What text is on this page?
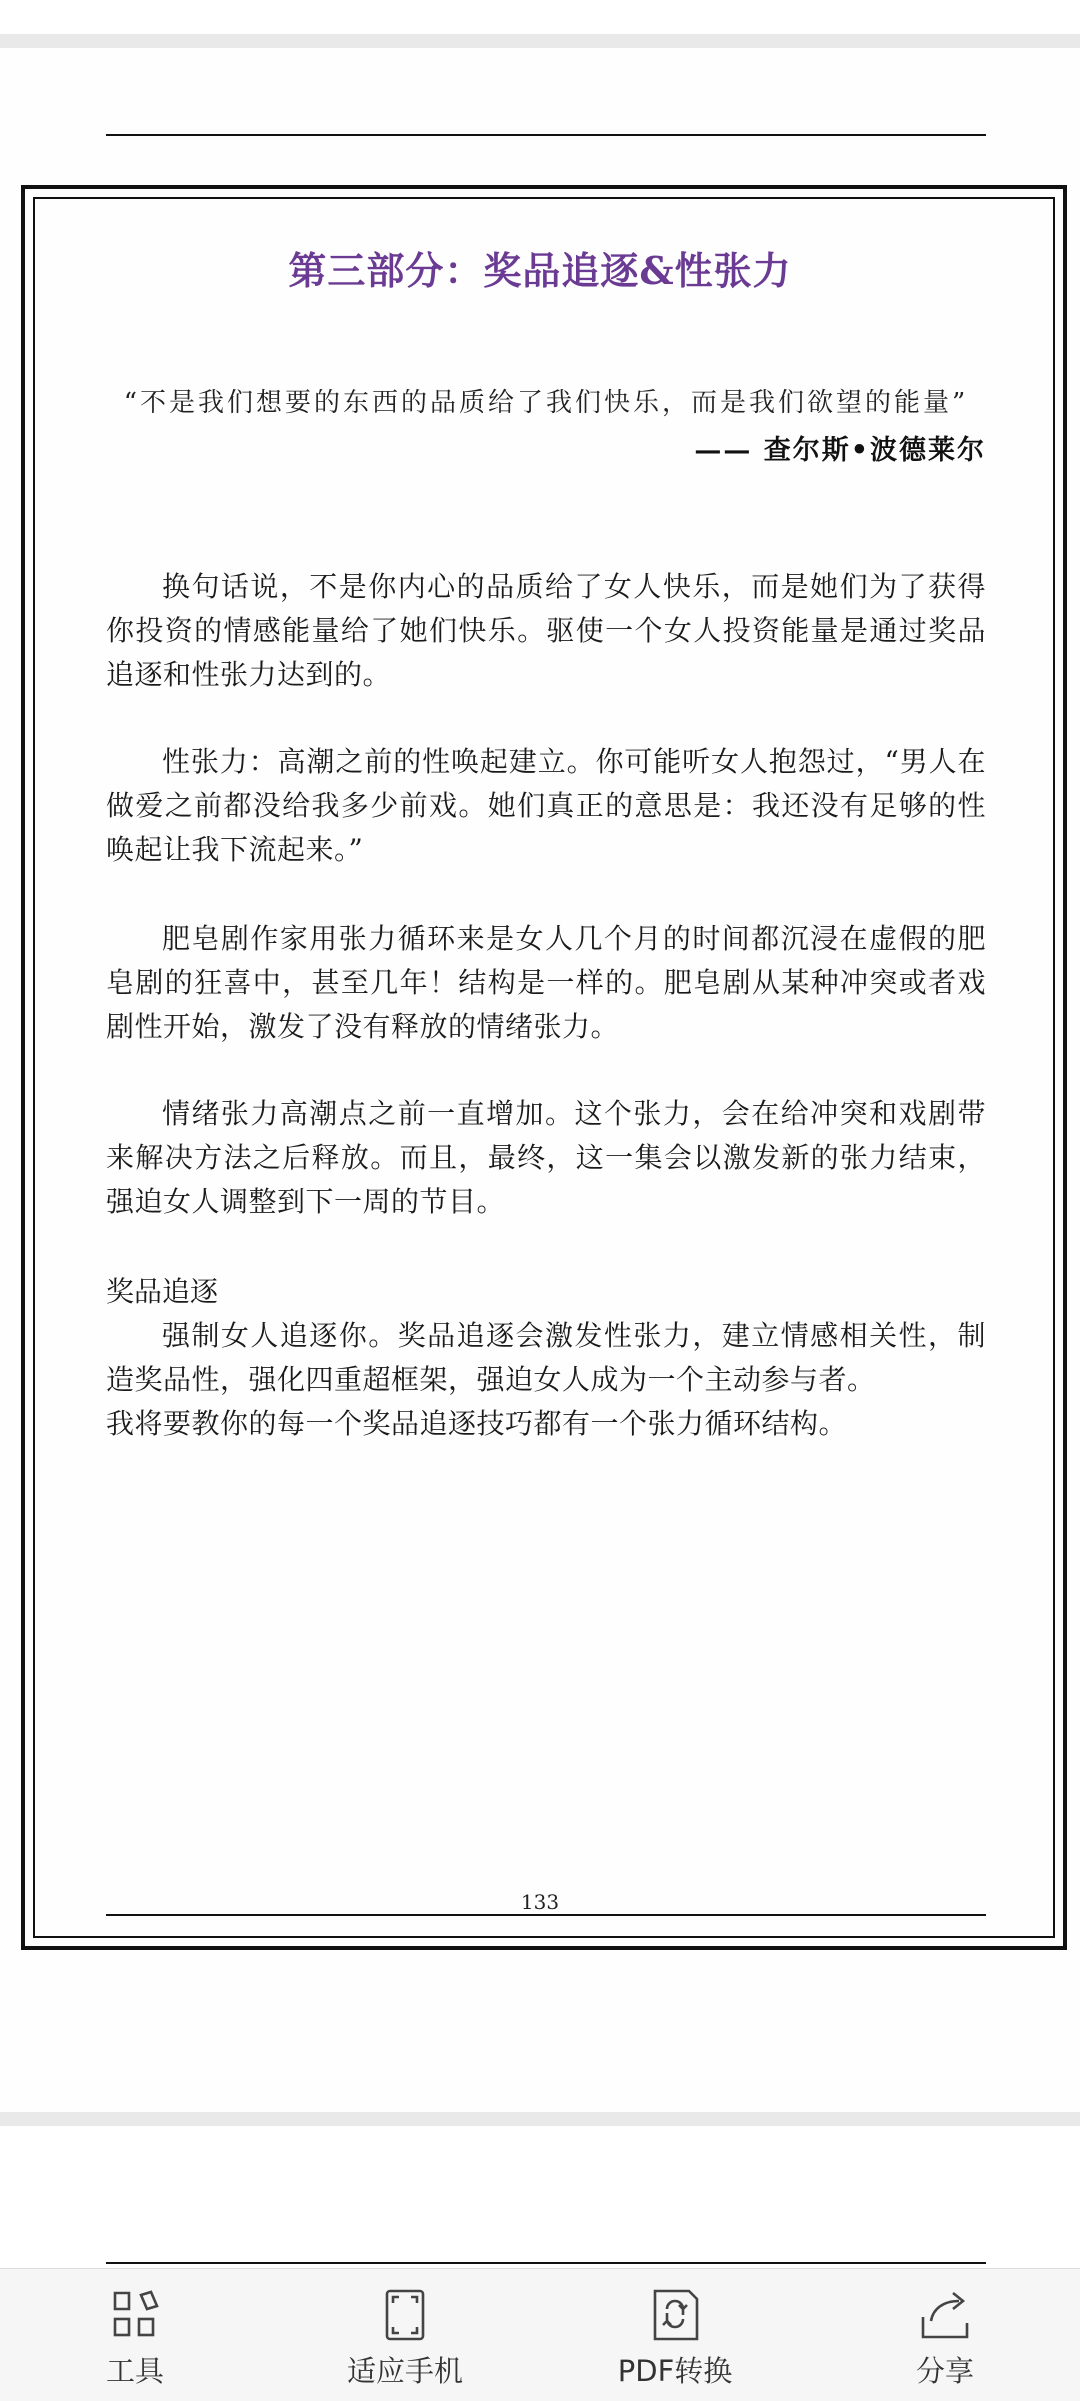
第三部分：奖品追逐&性张力
“不是我们想要的东西的品质给了我们快乐，而是我们欲望的能量”
—— 查尔斯•波德莱尔
换句话说，不是你内心的品质给了女人快乐，而是她们为了获得你投资的情感能量给了她们快乐。驱使一个女人投资能量是通过奖品追逐和性张力达到的。
性张力：高潮之前的性唤起建立。你可能听女人抱怨过，“男人在做爱之前都没给我多少前戏。她们真正的意思是：我还没有足够的性唤起让我下流起来。”
肥皂剧作家用张力循环来是女人几个月的时间都沉浸在虚假的肥皂剧的狂喜中，甚至几年！结构是一样的。肥皂剧从某种冲突或者戏剧性开始，激发了没有释放的情绪张力。
情绪张力高潮点之前一直增加。这个张力，会在给冲突和戏剧带来解决方法之后释放。而且，最终，这一集会以激发新的张力结束，强迫女人调整到下一周的节目。
奖品追逐
强制女人追逐你。奖品追逐会激发性张力，建立情感相关性，制造奖品性，强化四重超框架，强迫女人成为一个主动参与者。
我将要教你的每一个奖品追逐技巧都有一个张力循环结构。
133
工具	适应手机	PDF转换	分享
